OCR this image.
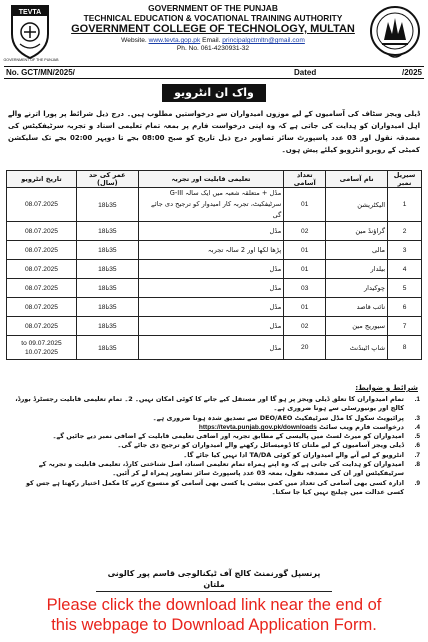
TEVTA
GOVERNMENT OF THE PUNJAB
GOVERNMENT OF THE PUNJAB
TECHNICAL EDUCATION & VOCATIONAL TRAINING AUTHORITY
GOVERNMENT COLLEGE OF TECHNOLOGY, MULTAN
Website. www.tevta.gop.pk Email. principalgctmltn@gmail.com
Ph. No. 061-4230931-32
No. GCT/MN/2025/	Dated	/2025
واک ان انٹرویو
ڈیلی ویجز سٹاف کی آسامیوں کے لیے موزوں امیدواران سے درخواستیں مطلوب ہیں۔ درج ذیل شرائط پر پورا اترنے والے اہل امیدواران کو ہدایت کی جاتی ہے کہ وہ اپنی درخواست فارم پر بمعہ تمام تعلیمی اسناد و تجربہ سرٹیفکیٹس کی مصدقہ نقول اور 03 عدد پاسپورٹ سائز تصاویر درج ذیل تاریخ کو صبح 08:00 بجے تا دوپہر 02:00 بجے تک سلیکشن کمیٹی کے روبرو انٹرویو کیلئے پیش ہوں۔
سیریل نمبر	نام آسامی	تعداد آسامی	تعلیمی قابلیت اور تجربہ	عمر کی حد (سال)	تاریخ انٹرویو
1	الیکٹریشن	01	مڈل + متعلقہ شعبہ میں ایک سالہ G-III سرٹیفکیٹ، تجربہ کار امیدوار کو ترجیح دی جائے گی	35تا18	08.07.2025
2	گراؤنڈ مین	02	مڈل	35تا18	08.07.2025
3	مالی	01	پڑھا لکھا اور 2 سالہ تجربہ	35تا18	08.07.2025
4	بیلدار	01	مڈل	35تا18	08.07.2025
5	چوکیدار	03	مڈل	35تا18	08.07.2025
6	نائب قاصد	01	مڈل	35تا18	08.07.2025
7	سیوریج مین	02	مڈل	35تا18	08.07.2025
8	شاپ اٹینڈنٹ	20	مڈل	35تا18	09.07.2025 to 10.07.2025
شرائط و ضوابط:
1.
تمام امیدواران کا تعلق ڈیلی ویجز پر ہو گا اور مستقل کیے جانے کا کوئی امکان نہیں۔ 2۔ تمام تعلیمی قابلیت رجسٹرڈ بورڈ، کالج اور یونیورسٹی سے ہونا ضروری ہے۔
3.
پرائیویٹ سکول کا مڈل سرٹیفکیٹ DEO/AEO سے تصدیق شدہ ہونا ضروری ہے۔
4.
درخواست فارم ویب سائٹ https://tevta.punjab.gov.pk/downloads
5.
امیدواران کو میرٹ لسٹ میں پالیسی کے مطابق تجربہ اور اضافی تعلیمی قابلیت کے اضافی نمبر دیے جائیں گے۔
6.
ڈیلی ویجز آسامیوں کے لیے ملتان کا ڈومیسائل رکھنے والے امیدواران کو ترجیح دی جائے گی۔
7.
انٹرویو کے لیے آنے والے امیدواران کو کوئی TA/DA ادا نہیں کیا جائے گا۔
8.
امیدواران کو ہدایت کی جاتی ہے کہ وہ اپنے ہمراہ تمام تعلیمی اسناد، اصل شناختی کارڈ، تعلیمی قابلیت و تجربہ کے سرٹیفکیٹس اور ان کی مصدقہ نقول، بمعہ 03 عدد پاسپورٹ سائز تصاویر ہمراہ لے کر آئیں۔
9.
ادارہ کسی بھی آسامی کی تعداد میں کمی بیشی یا کسی بھی آسامی کو منسوخ کرنے کا مکمل اختیار رکھتا ہے جس کو کسی عدالت میں چیلنج نہیں کیا جا سکتا۔
پرنسپل گورنمنٹ کالج آف ٹیکنالوجی قاسم پور کالونی ملتان
Please click the download link near the end of
this webpage to Download Application Form.
